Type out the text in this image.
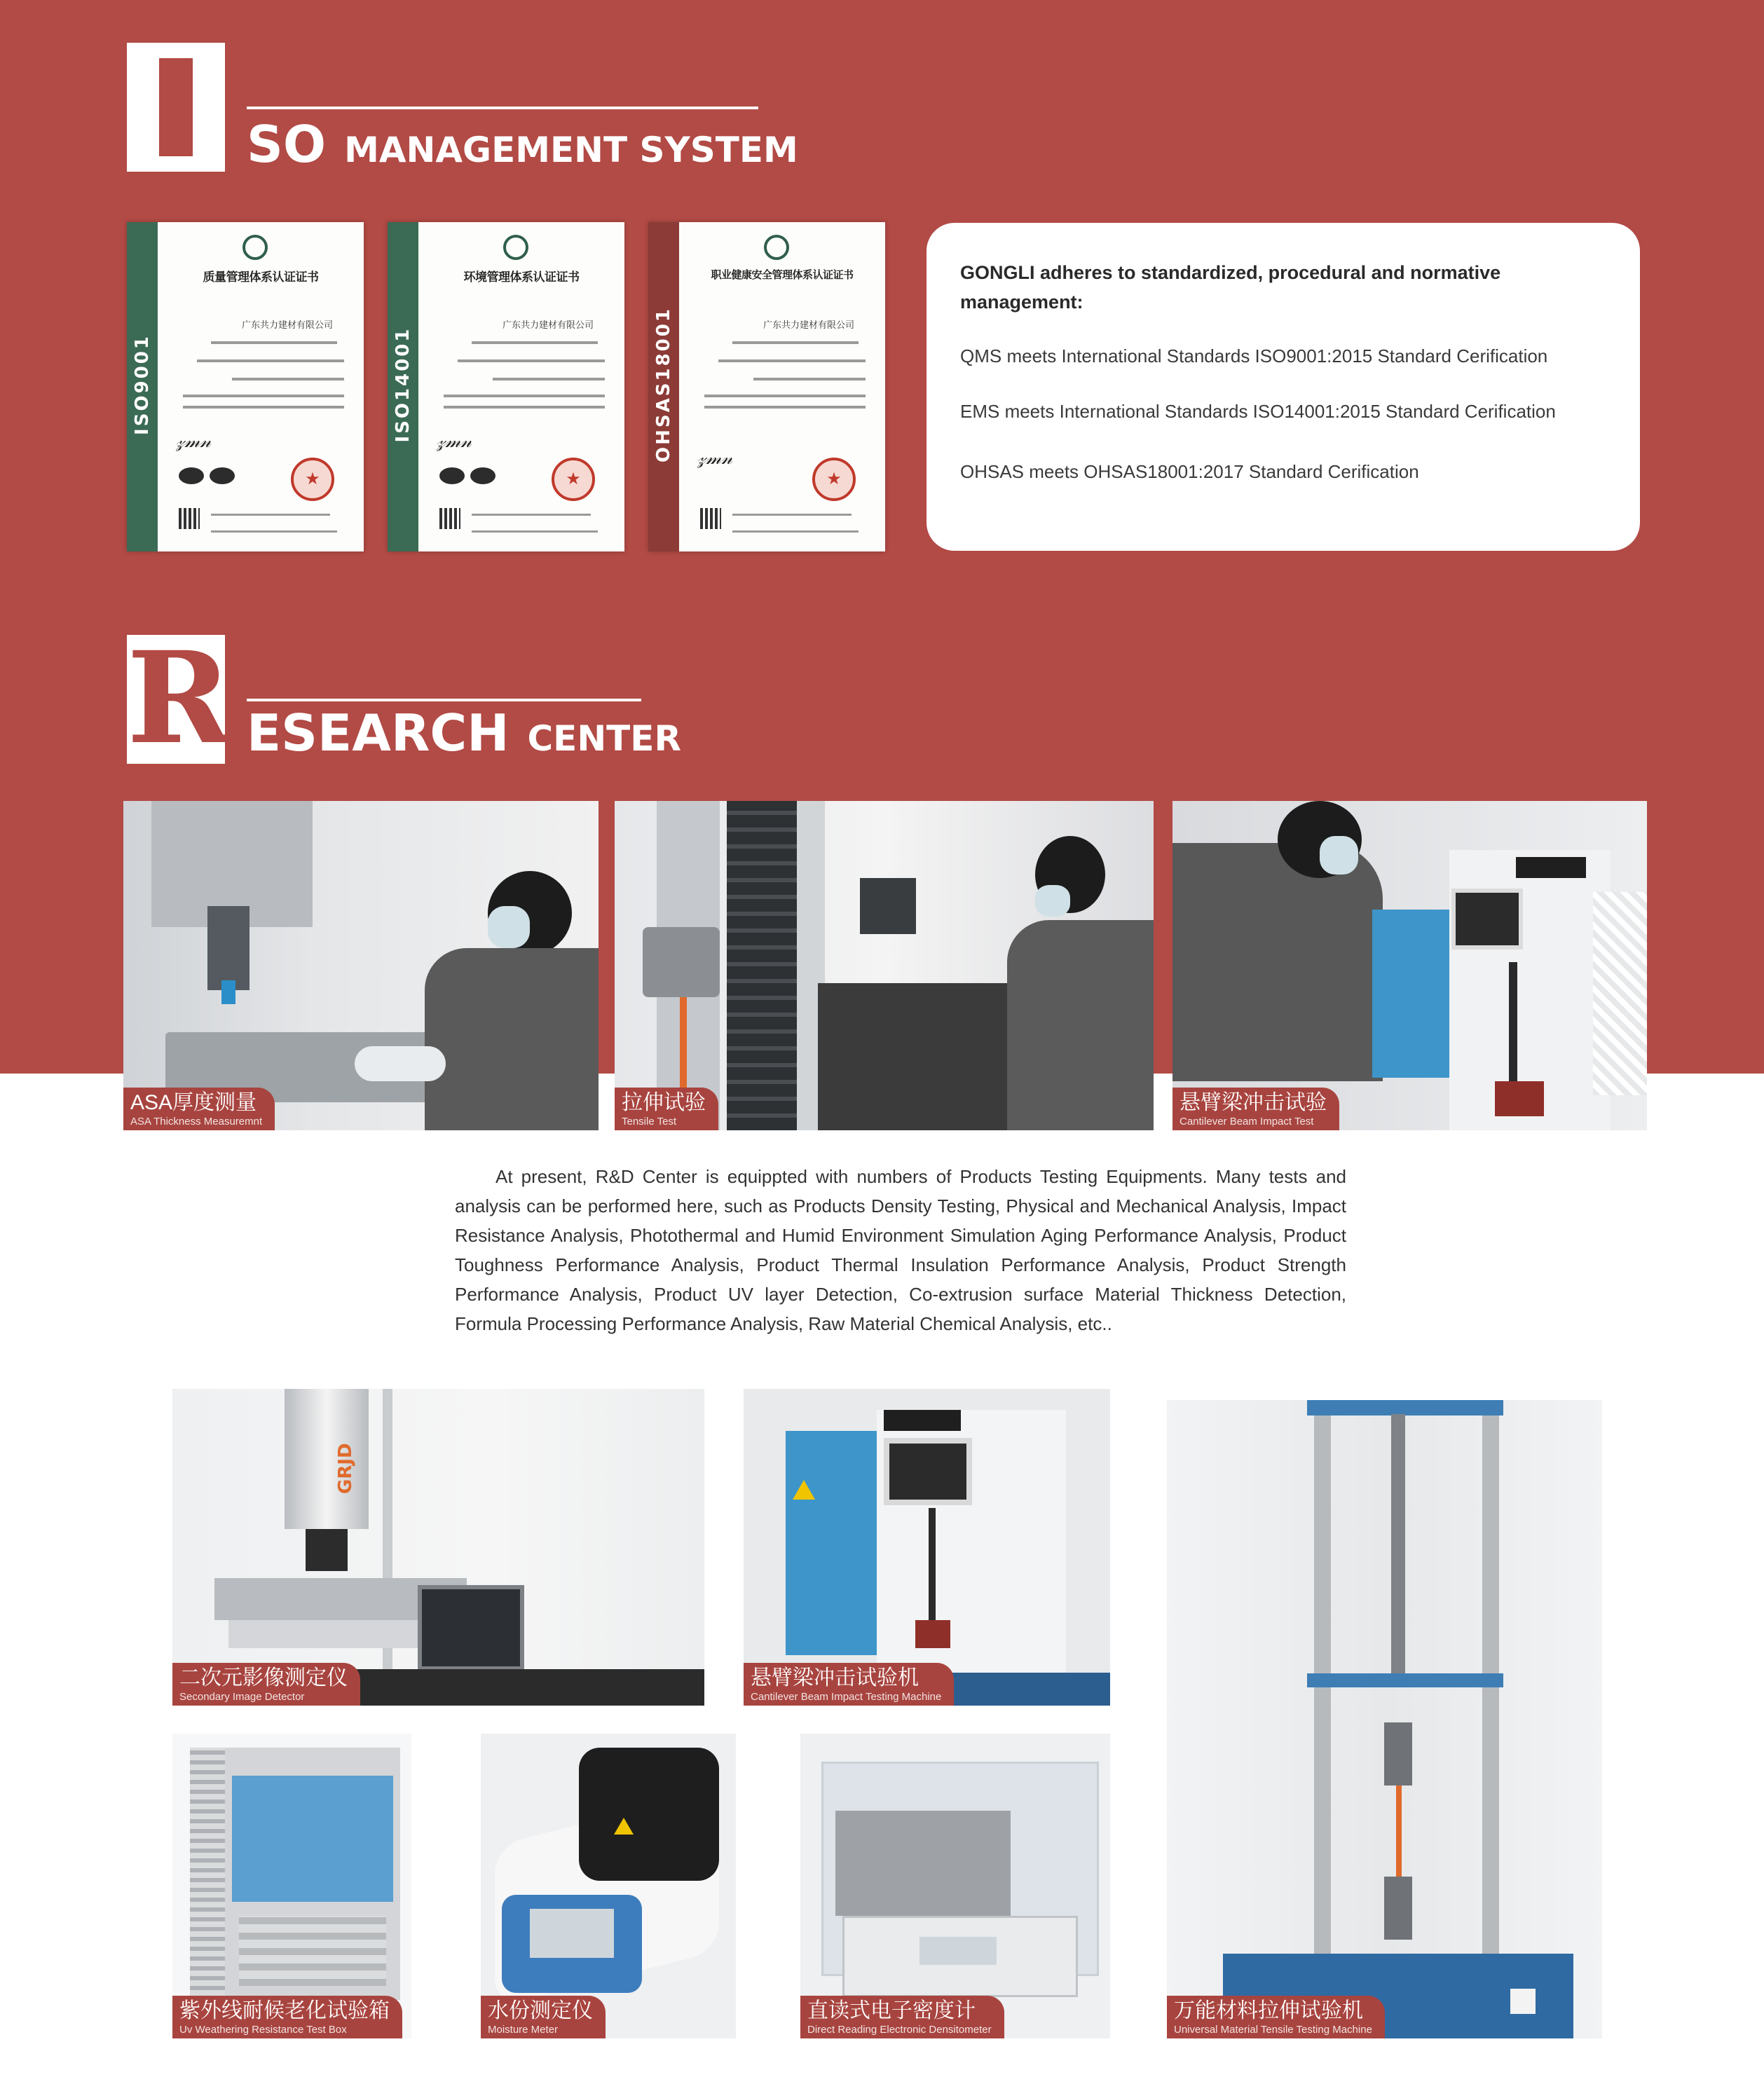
SO MANAGEMENT SYSTEM
ISO9001
质量管理体系认证证书
广东共力建材有限公司
𝓏𝓂𝓃
★	ISO14001
环境管理体系认证证书
广东共力建材有限公司
𝓏𝓂𝓃
★	OHSAS18001
职业健康安全管理体系认证证书
广东共力建材有限公司
𝓏𝓂𝓃
★
GONGLI adheres to standardized, procedural and normative management:
QMS meets International Standards ISO9001:2015 Standard Cerification
EMS meets International Standards ISO14001:2015 Standard Cerification
OHSAS meets OHSAS18001:2017 Standard Cerification
R ESEARCH CENTER
ASA厚度测量
ASA Thickness Measuremnt
拉伸试验
Tensile Test
悬臂梁冲击试验
Cantilever Beam Impact Test
At present, R&D Center is equippted with numbers of Products Testing Equipments. Many tests and analysis can be performed here, such as Products Density Testing, Physical and Mechanical Analysis, Impact Resistance Analysis, Photothermal and Humid Environment Simulation Aging Performance Analysis, Product Toughness Performance Analysis, Product Thermal Insulation Performance Analysis, Product Strength Performance Analysis, Product UV layer Detection, Co-extrusion surface Material Thickness Detection, Formula Processing Performance Analysis, Raw Material Chemical Analysis, etc..
GRJD
二次元影像测定仪
Secondary Image Detector
悬臂梁冲击试验机
Cantilever Beam Impact Testing Machine
万能材料拉伸试验机
Universal Material Tensile Testing Machine
紫外线耐候老化试验箱
Uv Weathering Resistance Test Box
水份测定仪
Moisture Meter
直读式电子密度计
Direct Reading Electronic Densitometer
